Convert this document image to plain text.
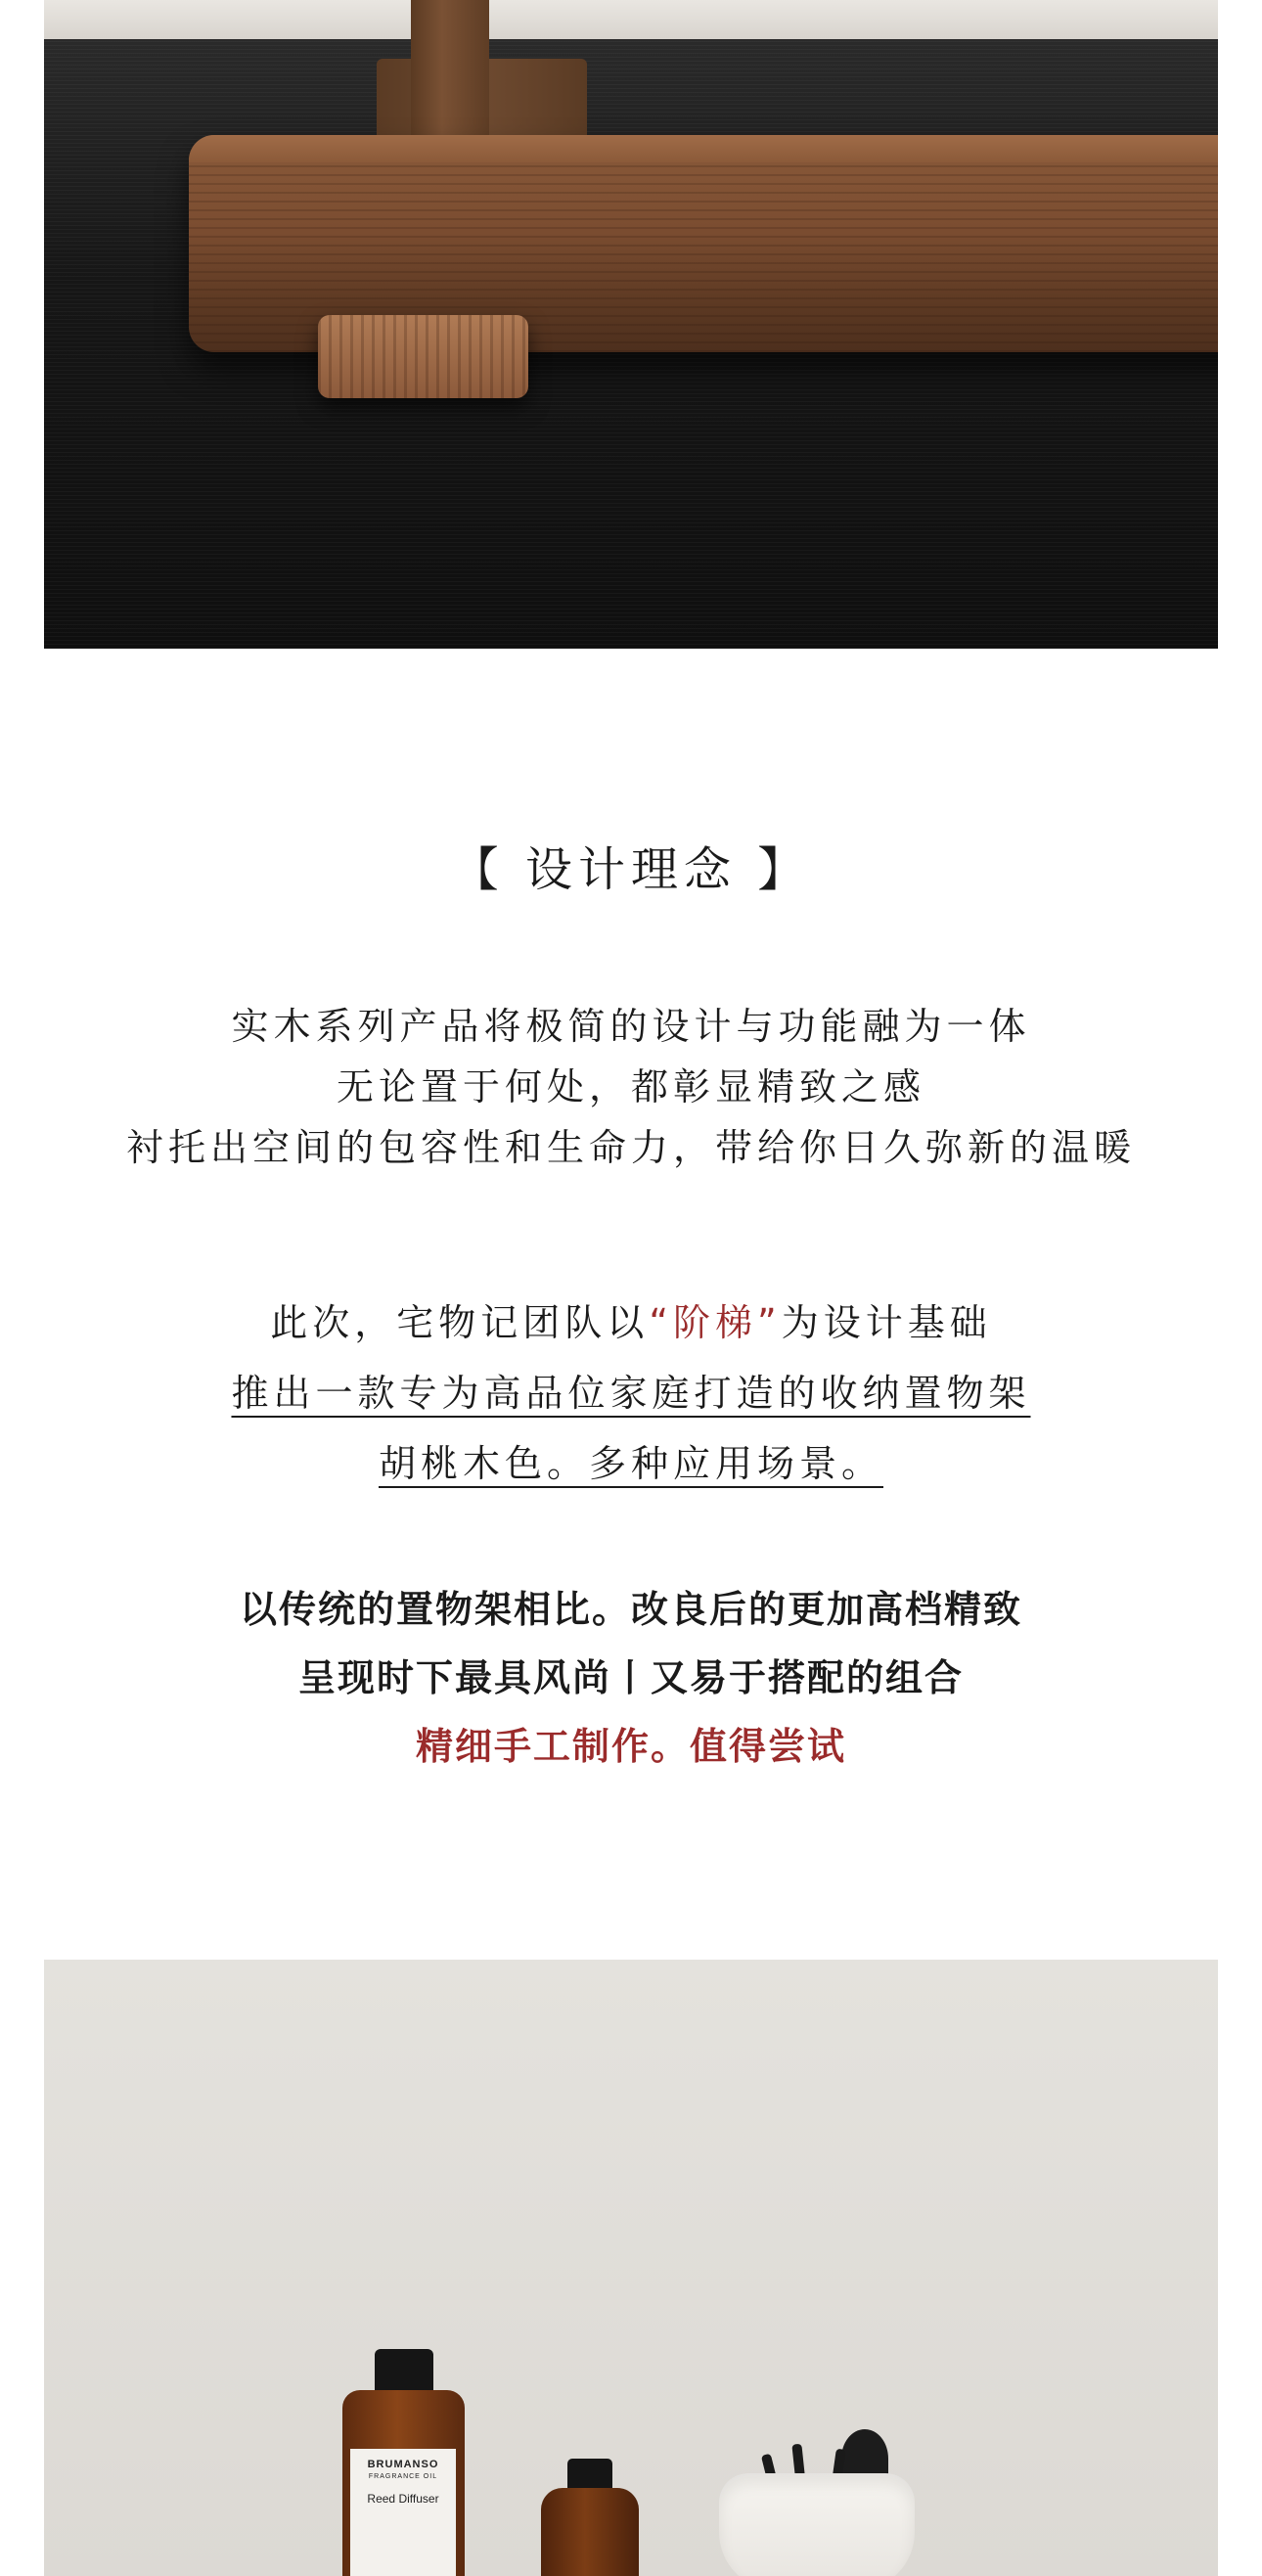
【 设计理念 】
实木系列产品将极简的设计与功能融为一体
无论置于何处，都彰显精致之感
衬托出空间的包容性和生命力，带给你日久弥新的温暖
此次，宅物记团队以“阶梯”为设计基础
推出一款专为高品位家庭打造的收纳置物架
胡桃木色。多种应用场景。
以传统的置物架相比。改良后的更加高档精致
呈现时下最具风尚丨又易于搭配的组合
精细手工制作。值得尝试
BRUMANSO
FRAGRANCE OIL
Reed Diffuser
